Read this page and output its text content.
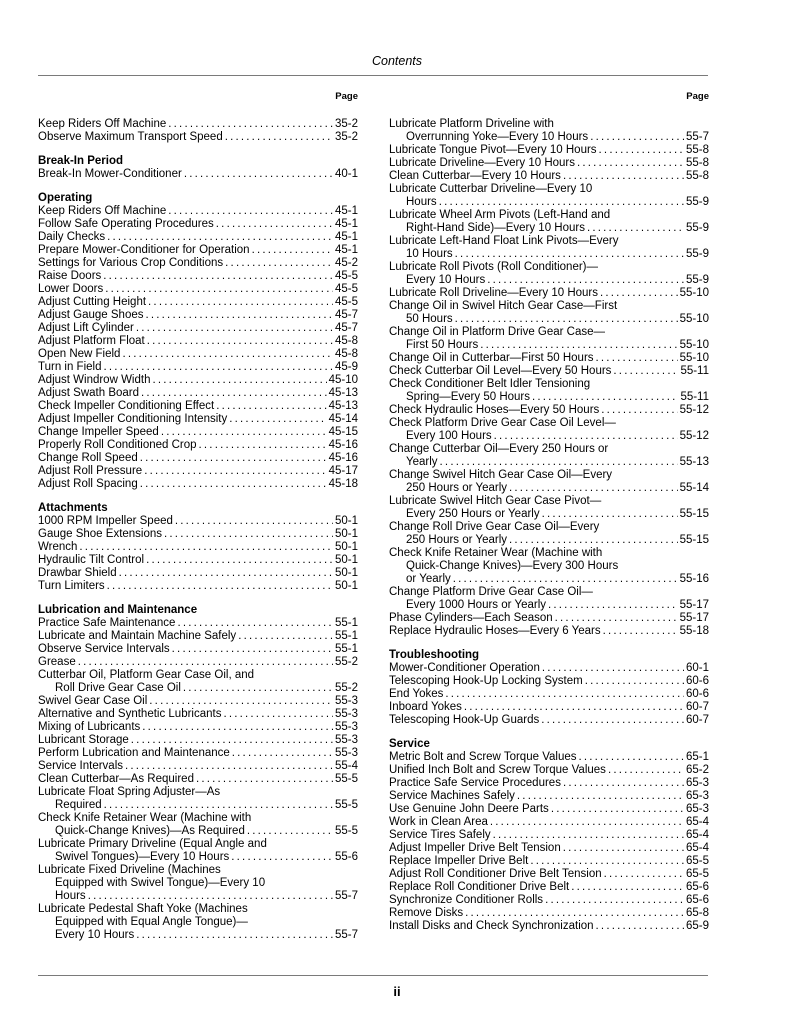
Contents
Page
Keep Riders Off Machine . . .	35-2
Observe Maximum Transport Speed . . .	35-2
Break-In Period
Break-In Mower-Conditioner . . .	40-1
Operating
Keep Riders Off Machine . . .	45-1
Follow Safe Operating Procedures . . .	45-1
Daily Checks . . .	45-1
Prepare Mower-Conditioner for Operation . . .	45-1
Settings for Various Crop Conditions . . .	45-2
Raise Doors . . .	45-5
Lower Doors . . .	45-5
Adjust Cutting Height . . .	45-5
Adjust Gauge Shoes . . .	45-7
Adjust Lift Cylinder . . .	45-7
Adjust Platform Float . . .	45-8
Open New Field . . .	45-8
Turn in Field . . .	45-9
Adjust Windrow Width . . .	45-10
Adjust Swath Board . . .	45-13
Check Impeller Conditioning Effect . . .	45-13
Adjust Impeller Conditioning Intensity . . .	45-14
Change Impeller Speed . . .	45-15
Properly Roll Conditioned Crop . . .	45-16
Change Roll Speed . . .	45-16
Adjust Roll Pressure . . .	45-17
Adjust Roll Spacing . . .	45-18
Attachments
1000 RPM Impeller Speed . . .	50-1
Gauge Shoe Extensions . . .	50-1
Wrench . . .	50-1
Hydraulic Tilt Control . . .	50-1
Drawbar Shield . . .	50-1
Turn Limiters . . .	50-1
Lubrication and Maintenance
Practice Safe Maintenance . . .	55-1
Lubricate and Maintain Machine Safely . . .	55-1
Observe Service Intervals . . .	55-1
Grease . . .	55-2
Cutterbar Oil, Platform Gear Case Oil, and
Roll Drive Gear Case Oil . . .	55-2
Swivel Gear Case Oil . . .	55-3
Alternative and Synthetic Lubricants . . .	55-3
Mixing of Lubricants . . .	55-3
Lubricant Storage . . .	55-3
Perform Lubrication and Maintenance . . .	55-3
Service Intervals . . .	55-4
Clean Cutterbar—As Required . . .	55-5
Lubricate Float Spring Adjuster—As
Required . . .	55-5
Check Knife Retainer Wear (Machine with
Quick-Change Knives)—As Required . . .	55-5
Lubricate Primary Driveline (Equal Angle and
Swivel Tongues)—Every 10 Hours . . .	55-6
Lubricate Fixed Driveline (Machines
Equipped with Swivel Tongue)—Every 10
Hours . . .	55-7
Lubricate Pedestal Shaft Yoke (Machines
Equipped with Equal Angle Tongue)—
Every 10 Hours . . .	55-7
Page
Lubricate Platform Driveline with
Overrunning Yoke—Every 10 Hours . . .	55-7
Lubricate Tongue Pivot—Every 10 Hours . . .	55-8
Lubricate Driveline—Every 10 Hours . . .	55-8
Clean Cutterbar—Every 10 Hours . . .	55-8
Lubricate Cutterbar Driveline—Every 10
Hours . . .	55-9
Lubricate Wheel Arm Pivots (Left-Hand and
Right-Hand Side)—Every 10 Hours . . .	55-9
Lubricate Left-Hand Float Link Pivots—Every
10 Hours . . .	55-9
Lubricate Roll Pivots (Roll Conditioner)—
Every 10 Hours . . .	55-9
Lubricate Roll Driveline—Every 10 Hours . . .	55-10
Change Oil in Swivel Hitch Gear Case—First
50 Hours . . .	55-10
Change Oil in Platform Drive Gear Case—
First 50 Hours . . .	55-10
Change Oil in Cutterbar—First 50 Hours . . .	55-10
Check Cutterbar Oil Level—Every 50 Hours . . .	55-11
Check Conditioner Belt Idler Tensioning
Spring—Every 50 Hours . . .	55-11
Check Hydraulic Hoses—Every 50 Hours . . .	55-12
Check Platform Drive Gear Case Oil Level—
Every 100 Hours . . .	55-12
Change Cutterbar Oil—Every 250 Hours or
Yearly . . .	55-13
Change Swivel Hitch Gear Case Oil—Every
250 Hours or Yearly . . .	55-14
Lubricate Swivel Hitch Gear Case Pivot—
Every 250 Hours or Yearly . . .	55-15
Change Roll Drive Gear Case Oil—Every
250 Hours or Yearly . . .	55-15
Check Knife Retainer Wear (Machine with
Quick-Change Knives)—Every 300 Hours
or Yearly . . .	55-16
Change Platform Drive Gear Case Oil—
Every 1000 Hours or Yearly . . .	55-17
Phase Cylinders—Each Season . . .	55-17
Replace Hydraulic Hoses—Every 6 Years . . .	55-18
Troubleshooting
Mower-Conditioner Operation . . .	60-1
Telescoping Hook-Up Locking System . . .	60-6
End Yokes . . .	60-6
Inboard Yokes . . .	60-7
Telescoping Hook-Up Guards . . .	60-7
Service
Metric Bolt and Screw Torque Values . . .	65-1
Unified Inch Bolt and Screw Torque Values . . .	65-2
Practice Safe Service Procedures . . .	65-3
Service Machines Safely . . .	65-3
Use Genuine John Deere Parts . . .	65-3
Work in Clean Area . . .	65-4
Service Tires Safely . . .	65-4
Adjust Impeller Drive Belt Tension . . .	65-4
Replace Impeller Drive Belt . . .	65-5
Adjust Roll Conditioner Drive Belt Tension . . .	65-5
Replace Roll Conditioner Drive Belt . . .	65-6
Synchronize Conditioner Rolls . . .	65-6
Remove Disks . . .	65-8
Install Disks and Check Synchronization . . .	65-9
ii
